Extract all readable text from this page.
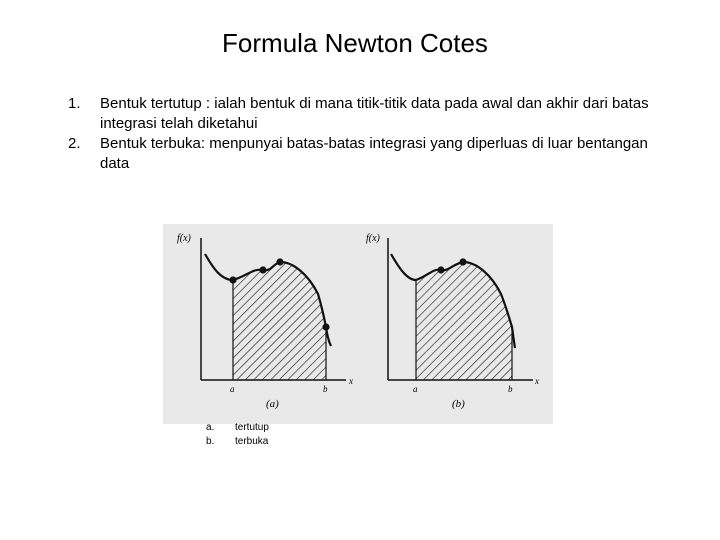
Formula Newton Cotes
1. Bentuk tertutup : ialah bentuk di mana titik-titik data pada awal dan akhir dari batas integrasi telah diketahui
2. Bentuk terbuka: menpunyai batas-batas integrasi yang diperluas di luar bentangan data
f(x)
a	b
x
(a)
f(x)
a	b
x
(b)
a.	tertutup
b.	terbuka
